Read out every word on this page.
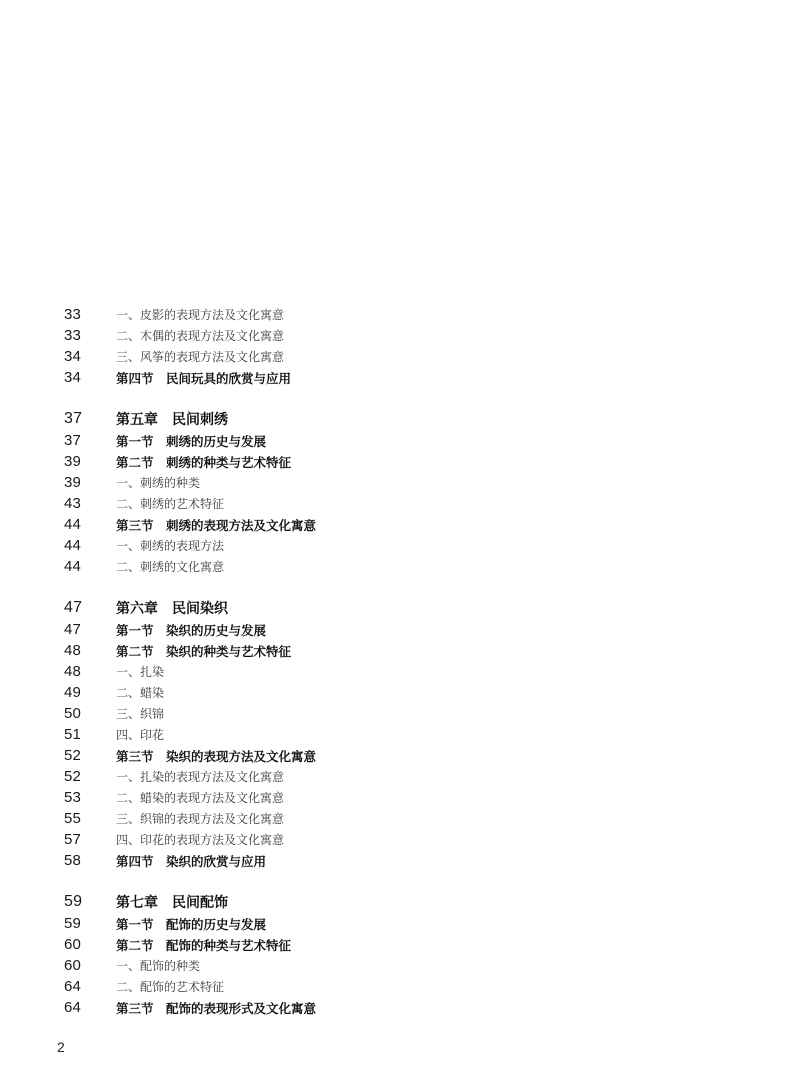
33	一、皮影的表现方法及文化寓意
33	二、木偶的表现方法及文化寓意
34	三、风筝的表现方法及文化寓意
34	第四节　民间玩具的欣赏与应用
37	第五章　民间刺绣
37	第一节　刺绣的历史与发展
39	第二节　刺绣的种类与艺术特征
39	一、刺绣的种类
43	二、刺绣的艺术特征
44	第三节　刺绣的表现方法及文化寓意
44	一、刺绣的表现方法
44	二、刺绣的文化寓意
47	第六章　民间染织
47	第一节　染织的历史与发展
48	第二节　染织的种类与艺术特征
48	一、扎染
49	二、蜡染
50	三、织锦
51	四、印花
52	第三节　染织的表现方法及文化寓意
52	一、扎染的表现方法及文化寓意
53	二、蜡染的表现方法及文化寓意
55	三、织锦的表现方法及文化寓意
57	四、印花的表现方法及文化寓意
58	第四节　染织的欣赏与应用
59	第七章　民间配饰
59	第一节　配饰的历史与发展
60	第二节　配饰的种类与艺术特征
60	一、配饰的种类
64	二、配饰的艺术特征
64	第三节　配饰的表现形式及文化寓意
2
